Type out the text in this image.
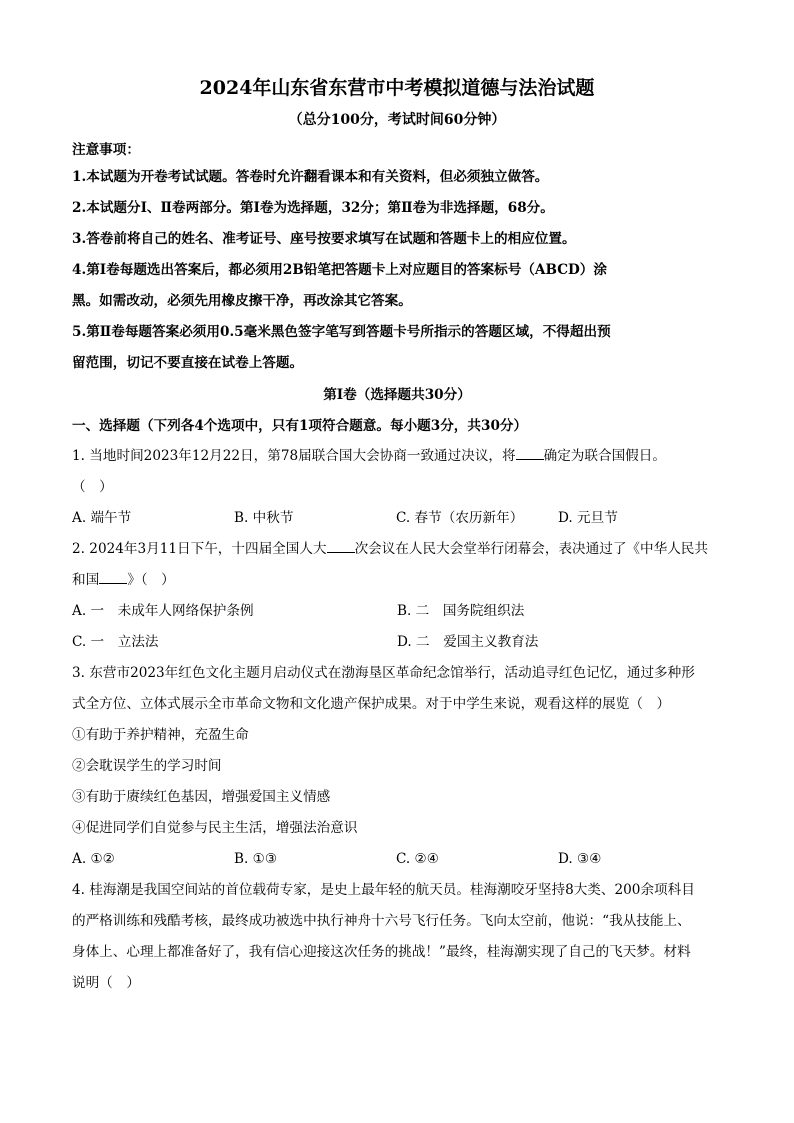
2024年山东省东营市中考模拟道德与法治试题
（总分100分，考试时间60分钟）
注意事项：
1.本试题为开卷考试试题。答卷时允许翻看课本和有关资料，但必须独立做答。
2.本试题分Ⅰ、Ⅱ卷两部分。第Ⅰ卷为选择题，32分；第Ⅱ卷为非选择题，68分。
3.答卷前将自己的姓名、准考证号、座号按要求填写在试题和答题卡上的相应位置。
4.第Ⅰ卷每题选出答案后，都必须用2B铅笔把答题卡上对应题目的答案标号（ABCD）涂
黑。如需改动，必须先用橡皮擦干净，再改涂其它答案。
5.第Ⅱ卷每题答案必须用0.5毫米黑色签字笔写到答题卡号所指示的答题区域，不得超出预
留范围，切记不要直接在试卷上答题。
第Ⅰ卷（选择题共30分）
一、选择题（下列各4个选项中，只有1项符合题意。每小题3分，共30分）
1. 当地时间2023年12月22日，第78届联合国大会协商一致通过决议，将 确定为联合国假日。
（　）
A. 端午节	B. 中秋节	C. 春节（农历新年）	D. 元旦节
2. 2024年3月11日下午，十四届全国人大 次会议在人民大会堂举行闭幕会，表决通过了《中华人民共
和国 》（　）
A. 一　未成年人网络保护条例	B. 二　国务院组织法
C. 一　立法法	D. 二　爱国主义教育法
3. 东营市2023年红色文化主题月启动仪式在渤海垦区革命纪念馆举行，活动追寻红色记忆，通过多种形
式全方位、立体式展示全市革命文物和文化遗产保护成果。对于中学生来说，观看这样的展览（　）
①有助于养护精神，充盈生命
②会耽误学生的学习时间
③有助于赓续红色基因，增强爱国主义情感
④促进同学们自觉参与民主生活，增强法治意识
A. ①②	B. ①③	C. ②④	D. ③④
4. 桂海潮是我国空间站的首位载荷专家，是史上最年轻的航天员。桂海潮咬牙坚持8大类、200余项科目
的严格训练和残酷考核，最终成功被选中执行神舟十六号飞行任务。飞向太空前，他说：“我从技能上、
身体上、心理上都准备好了，我有信心迎接这次任务的挑战！”最终，桂海潮实现了自己的飞天梦。材料
说明（　）
